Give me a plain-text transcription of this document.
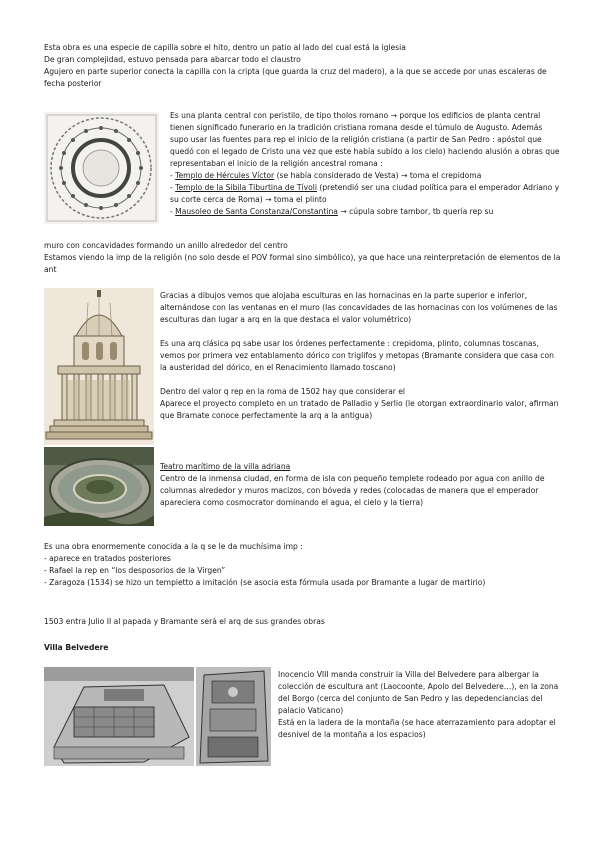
Esta obra es una especie de capilla sobre el hito, dentro un patio al lado del cual está la iglesia

De gran complejidad, estuvo pensada para abarcar todo el claustro

Agujero en parte superior conecta la capilla con la cripta (que guarda la cruz del madero), a la que se accede por unas escaleras de fecha posterior

Es una planta central con peristilo, de tipo tholos romano → porque los edificios de planta central tienen significado funerario en la tradición cristiana romana desde el túmulo de Augusto. Además supo usar las fuentes para rep el inicio de la religión cristiana (a partir de San Pedro : apóstol que quedó con el legado de Cristo una vez que este había subido a los cielo) haciendo alusión a obras que representaban el inicio de la religión ancestral romana :

- Templo de Hércules Víctor (se había considerado de Vesta) → toma el crepidoma

- Templo de la Sibila Tiburtina de Tívoli (pretendió ser una ciudad política para el emperador Adriano y su corte cerca de Roma) → toma el plinto

- Mausoleo de Santa Constanza/Constantina → cúpula sobre tambor, tb quería rep su

muro con concavidades formando un anillo alrededor del centro

Estamos viendo la imp de la religión (no solo desde el POV formal sino simbólico), ya que hace una reinterpretación de elementos de la ant

Gracias a dibujos vemos que alojaba esculturas en las hornacinas en la parte superior e inferior, alternándose con las ventanas en el muro (las concavidades de las hornacinas con los volúmenes de las esculturas dan lugar a arq en la que destaca el valor volumétrico)

Es una arq clásica pq sabe usar los órdenes perfectamente : crepidoma, plinto, columnas toscanas, vemos por primera vez entablamento dórico con triglifos y metopas (Bramante considera que casa con la austeridad del dórico, en el Renacimiento llamado toscano)

Dentro del valor q rep en la roma de 1502 hay que considerar el

Aparece el proyecto completo en un tratado de Palladio y Serlio (le otorgan extraordinario valor, afirman que Bramate conoce perfectamente la arq a la antigua)

Teatro marítimo de la villa adriana

Centro de la inmensa ciudad, en forma de isla con pequeño templete rodeado por agua con anillo de columnas alrededor y muros macizos, con bóveda y redes (colocadas de manera que el emperador apareciera como cosmocrator dominando el agua, el cielo y la tierra)

Es una obra enormemente conocida a la q se le da muchísima imp :

- aparece en tratados posteriores

- Rafael la rep en “los desposorios de la Virgen”

- Zaragoza (1534) se hizo un tempietto a imitación (se asocia esta fórmula usada por Bramante a lugar de martirio)

1503 entra Julio II al papada y Bramante será el arq de sus grandes obras

Villa Belvedere

Inocencio VIII manda construir la Villa del Belvedere para albergar la colección de escultura ant (Laocoonte, Apolo del Belvedere…), en la zona del Borgo (cerca del conjunto de San Pedro y las depedenciancias del palacio Vaticano)

Está en la ladera de la montaña (se hace aterrazamiento para adoptar el desnivel de la montaña a los espacios)
